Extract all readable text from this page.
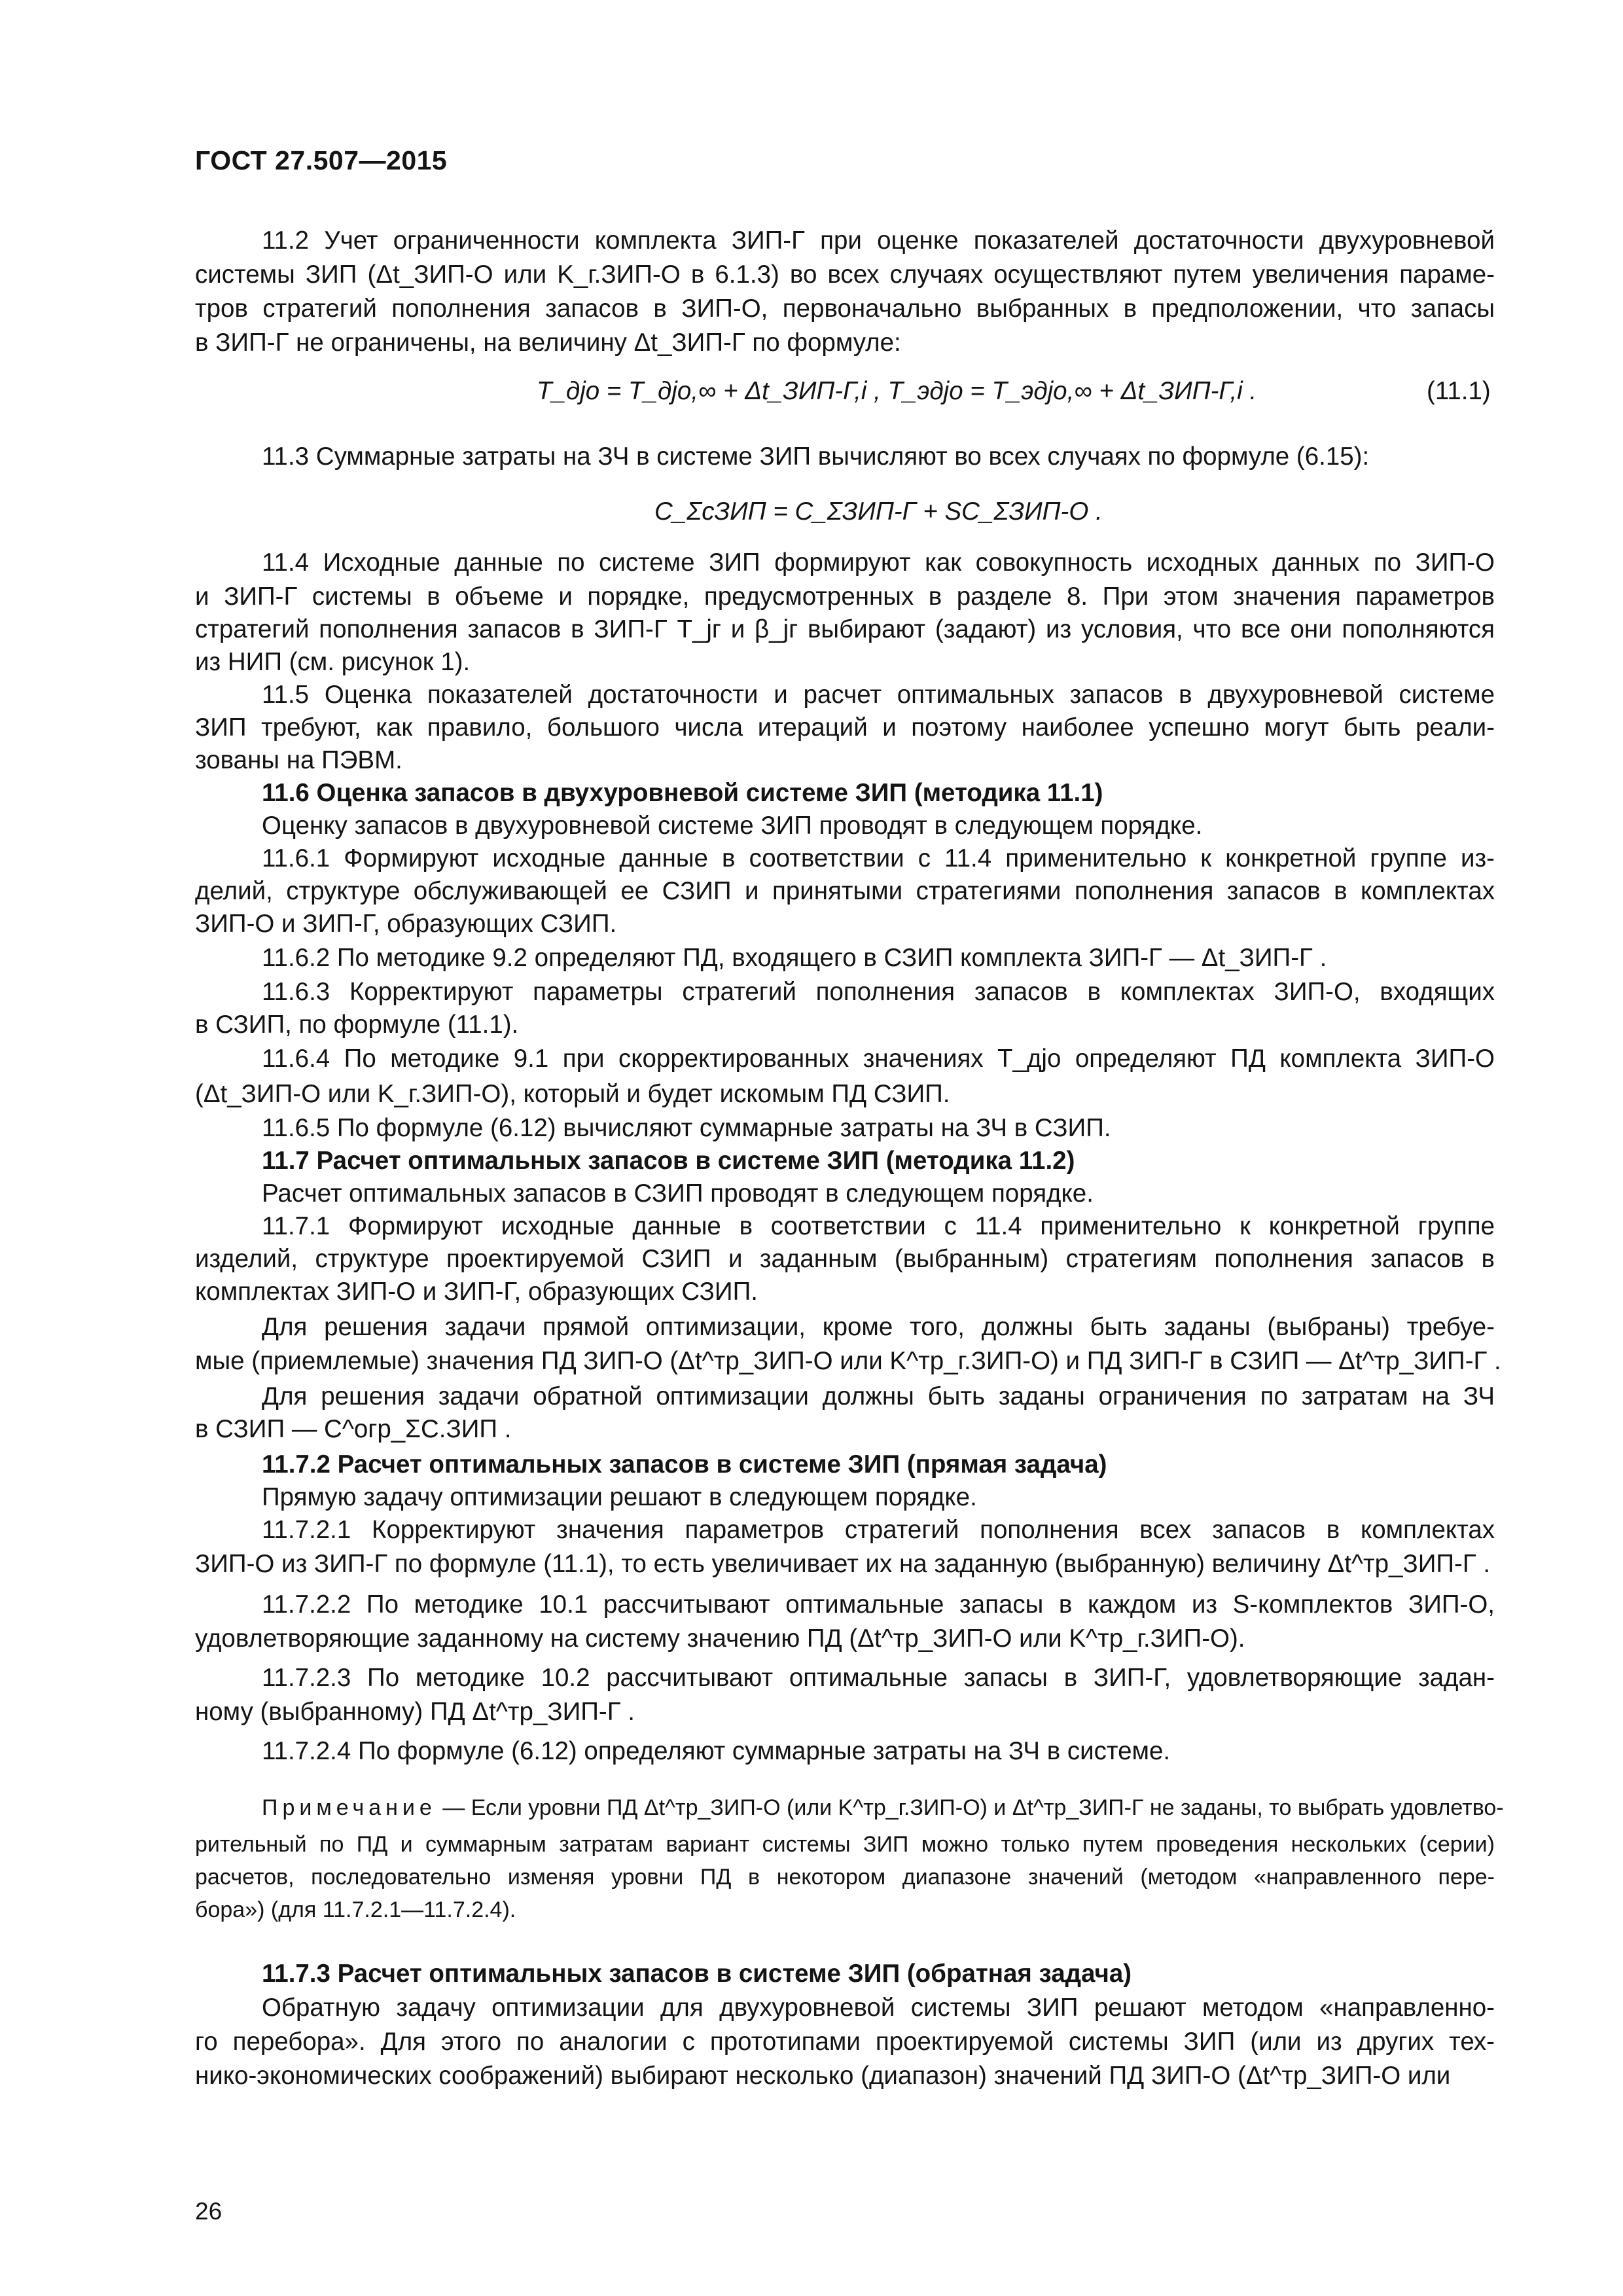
ГОСТ 27.507—2015
11.2 Учет ограниченности комплекта ЗИП-Г при оценке показателей достаточности двухуровневой
системы ЗИП (Δt_ЗИП-О или K_г.ЗИП-О в 6.1.3) во всех случаях осуществляют путем увеличения параме-
тров стратегий пополнения запасов в ЗИП-О, первоначально выбранных в предположении, что запасы
в ЗИП-Г не ограничены, на величину Δt_ЗИП-Г по формуле:
T_дjо = T_дjо,∞ + Δt_ЗИП-Г,i , T_эдjо = T_эдjо,∞ + Δt_ЗИП-Г,i .	(11.1)
11.3 Суммарные затраты на ЗЧ в системе ЗИП вычисляют во всех случаях по формуле (6.15):
C_ΣсЗИП = C_ΣЗИП-Г + SC_ΣЗИП-О .
11.4 Исходные данные по системе ЗИП формируют как совокупность исходных данных по ЗИП-О
и ЗИП-Г системы в объеме и порядке, предусмотренных в разделе 8. При этом значения параметров
стратегий пополнения запасов в ЗИП-Г T_jг и β_jг выбирают (задают) из условия, что все они пополняются
из НИП (см. рисунок 1).
11.5 Оценка показателей достаточности и расчет оптимальных запасов в двухуровневой системе
ЗИП требуют, как правило, большого числа итераций и поэтому наиболее успешно могут быть реали-
зованы на ПЭВМ.
11.6 Оценка запасов в двухуровневой системе ЗИП (методика 11.1)
Оценку запасов в двухуровневой системе ЗИП проводят в следующем порядке.
11.6.1 Формируют исходные данные в соответствии с 11.4 применительно к конкретной группе из-
делий, структуре обслуживающей ее СЗИП и принятыми стратегиями пополнения запасов в комплектах
ЗИП-О и ЗИП-Г, образующих СЗИП.
11.6.2 По методике 9.2 определяют ПД, входящего в СЗИП комплекта ЗИП-Г — Δt_ЗИП-Г .
11.6.3 Корректируют параметры стратегий пополнения запасов в комплектах ЗИП-О, входящих
в СЗИП, по формуле (11.1).
11.6.4 По методике 9.1 при скорректированных значениях T_дjо определяют ПД комплекта ЗИП-О
(Δt_ЗИП-О или K_г.ЗИП-О), который и будет искомым ПД СЗИП.
11.6.5 По формуле (6.12) вычисляют суммарные затраты на ЗЧ в СЗИП.
11.7 Расчет оптимальных запасов в системе ЗИП (методика 11.2)
Расчет оптимальных запасов в СЗИП проводят в следующем порядке.
11.7.1 Формируют исходные данные в соответствии с 11.4 применительно к конкретной группе
изделий, структуре проектируемой СЗИП и заданным (выбранным) стратегиям пополнения запасов в
комплектах ЗИП-О и ЗИП-Г, образующих СЗИП.
Для решения задачи прямой оптимизации, кроме того, должны быть заданы (выбраны) требуе-
мые (приемлемые) значения ПД ЗИП-О (Δt^тр_ЗИП-О или K^тр_г.ЗИП-О) и ПД ЗИП-Г в СЗИП — Δt^тр_ЗИП-Г .
Для решения задачи обратной оптимизации должны быть заданы ограничения по затратам на ЗЧ
в СЗИП — C^огр_ΣС.ЗИП .
11.7.2 Расчет оптимальных запасов в системе ЗИП (прямая задача)
Прямую задачу оптимизации решают в следующем порядке.
11.7.2.1 Корректируют значения параметров стратегий пополнения всех запасов в комплектах
ЗИП-О из ЗИП-Г по формуле (11.1), то есть увеличивает их на заданную (выбранную) величину Δt^тр_ЗИП-Г .
11.7.2.2 По методике 10.1 рассчитывают оптимальные запасы в каждом из S-комплектов ЗИП-О,
удовлетворяющие заданному на систему значению ПД (Δt^тр_ЗИП-О или K^тр_г.ЗИП-О).
11.7.2.3 По методике 10.2 рассчитывают оптимальные запасы в ЗИП-Г, удовлетворяющие задан-
ному (выбранному) ПД Δt^тр_ЗИП-Г .
11.7.2.4 По формуле (6.12) определяют суммарные затраты на ЗЧ в системе.
Примечание — Если уровни ПД Δt^тр_ЗИП-О (или K^тр_г.ЗИП-О) и Δt^тр_ЗИП-Г не заданы, то выбрать удовлетво-
рительный по ПД и суммарным затратам вариант системы ЗИП можно только путем проведения нескольких (серии)
расчетов, последовательно изменяя уровни ПД в некотором диапазоне значений (методом «направленного пере-
бора») (для 11.7.2.1—11.7.2.4).
11.7.3 Расчет оптимальных запасов в системе ЗИП (обратная задача)
Обратную задачу оптимизации для двухуровневой системы ЗИП решают методом «направленно-
го перебора». Для этого по аналогии с прототипами проектируемой системы ЗИП (или из других тех-
нико-экономических соображений) выбирают несколько (диапазон) значений ПД ЗИП-О (Δt^тр_ЗИП-О или
26
